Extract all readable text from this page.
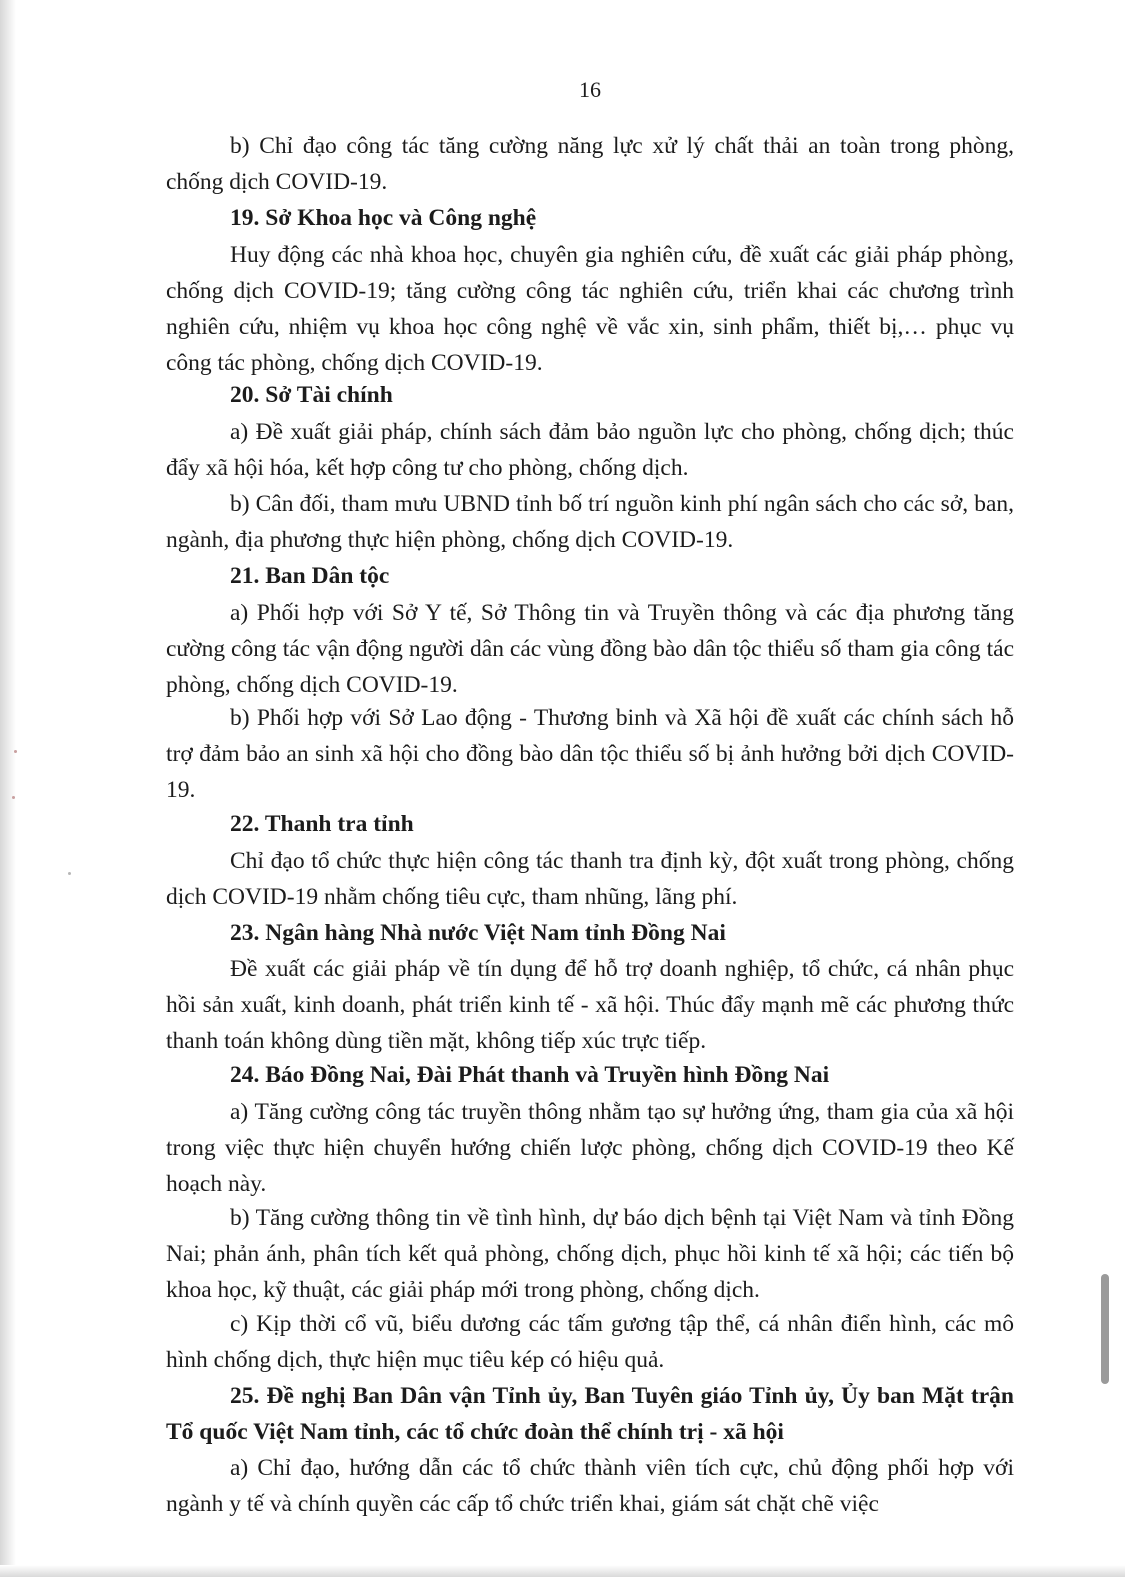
16

b) Chỉ đạo công tác tăng cường năng lực xử lý chất thải an toàn trong phòng, chống dịch COVID-19.

19. Sở Khoa học và Công nghệ

Huy động các nhà khoa học, chuyên gia nghiên cứu, đề xuất các giải pháp phòng, chống dịch COVID-19; tăng cường công tác nghiên cứu, triển khai các chương trình nghiên cứu, nhiệm vụ khoa học công nghệ về vắc xin, sinh phẩm, thiết bị,… phục vụ công tác phòng, chống dịch COVID-19.

20. Sở Tài chính

a) Đề xuất giải pháp, chính sách đảm bảo nguồn lực cho phòng, chống dịch; thúc đẩy xã hội hóa, kết hợp công tư cho phòng, chống dịch.

b) Cân đối, tham mưu UBND tỉnh bố trí nguồn kinh phí ngân sách cho các sở, ban, ngành, địa phương thực hiện phòng, chống dịch COVID-19.

21. Ban Dân tộc

a) Phối hợp với Sở Y tế, Sở Thông tin và Truyền thông và các địa phương tăng cường công tác vận động người dân các vùng đồng bào dân tộc thiểu số tham gia công tác phòng, chống dịch COVID-19.

b) Phối hợp với Sở Lao động - Thương binh và Xã hội đề xuất các chính sách hỗ trợ đảm bảo an sinh xã hội cho đồng bào dân tộc thiểu số bị ảnh hưởng bởi dịch COVID-19.

22. Thanh tra tỉnh

Chỉ đạo tổ chức thực hiện công tác thanh tra định kỳ, đột xuất trong phòng, chống dịch COVID-19 nhằm chống tiêu cực, tham nhũng, lãng phí.

23. Ngân hàng Nhà nước Việt Nam tỉnh Đồng Nai

Đề xuất các giải pháp về tín dụng để hỗ trợ doanh nghiệp, tổ chức, cá nhân phục hồi sản xuất, kinh doanh, phát triển kinh tế - xã hội. Thúc đẩy mạnh mẽ các phương thức thanh toán không dùng tiền mặt, không tiếp xúc trực tiếp.

24. Báo Đồng Nai, Đài Phát thanh và Truyền hình Đồng Nai

a) Tăng cường công tác truyền thông nhằm tạo sự hưởng ứng, tham gia của xã hội trong việc thực hiện chuyển hướng chiến lược phòng, chống dịch COVID-19 theo Kế hoạch này.

b) Tăng cường thông tin về tình hình, dự báo dịch bệnh tại Việt Nam và tỉnh Đồng Nai; phản ánh, phân tích kết quả phòng, chống dịch, phục hồi kinh tế xã hội; các tiến bộ khoa học, kỹ thuật, các giải pháp mới trong phòng, chống dịch.

c) Kịp thời cổ vũ, biểu dương các tấm gương tập thể, cá nhân điển hình, các mô hình chống dịch, thực hiện mục tiêu kép có hiệu quả.

25. Đề nghị Ban Dân vận Tỉnh ủy, Ban Tuyên giáo Tỉnh ủy, Ủy ban Mặt trận Tổ quốc Việt Nam tỉnh, các tổ chức đoàn thể chính trị - xã hội

a) Chỉ đạo, hướng dẫn các tổ chức thành viên tích cực, chủ động phối hợp với ngành y tế và chính quyền các cấp tổ chức triển khai, giám sát chặt chẽ việc
